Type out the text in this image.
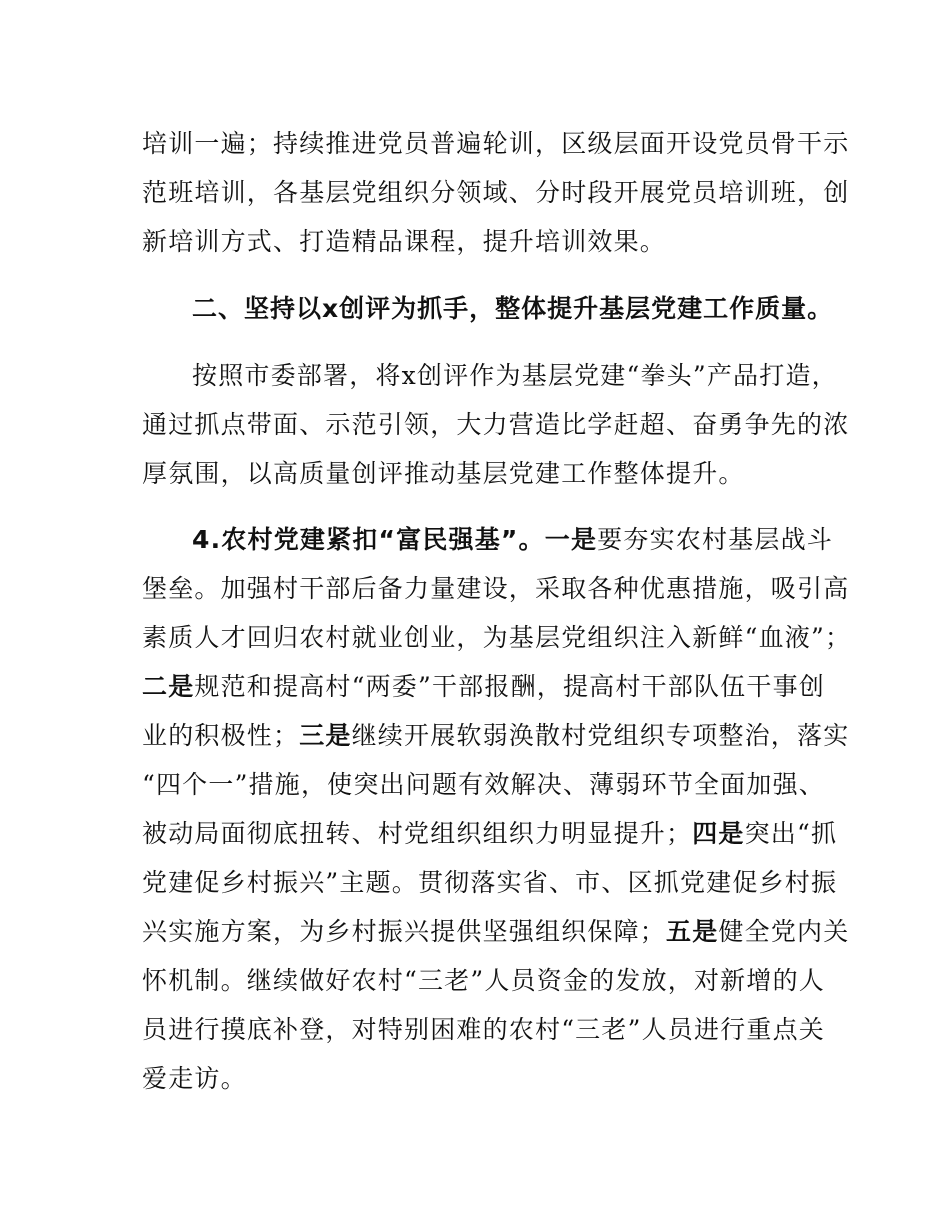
培训一遍；持续推进党员普遍轮训，区级层面开设党员骨干示
范班培训，各基层党组织分领域、分时段开展党员培训班，创
新培训方式、打造精品课程，提升培训效果。
二、坚持以x创评为抓手，整体提升基层党建工作质量。
按照市委部署，将x创评作为基层党建“拳头”产品打造，
通过抓点带面、示范引领，大力营造比学赶超、奋勇争先的浓
厚氛围，以高质量创评推动基层党建工作整体提升。
4.农村党建紧扣“富民强基”。一是要夯实农村基层战斗
堡垒。加强村干部后备力量建设，采取各种优惠措施，吸引高
素质人才回归农村就业创业，为基层党组织注入新鲜“血液”；
二是规范和提高村“两委”干部报酬，提高村干部队伍干事创
业的积极性；三是继续开展软弱涣散村党组织专项整治，落实
“四个一”措施，使突出问题有效解决、薄弱环节全面加强、
被动局面彻底扭转、村党组织组织力明显提升；四是突出“抓
党建促乡村振兴”主题。贯彻落实省、市、区抓党建促乡村振
兴实施方案，为乡村振兴提供坚强组织保障；五是健全党内关
怀机制。继续做好农村“三老”人员资金的发放，对新增的人
员进行摸底补登，对特别困难的农村“三老”人员进行重点关
爱走访。
